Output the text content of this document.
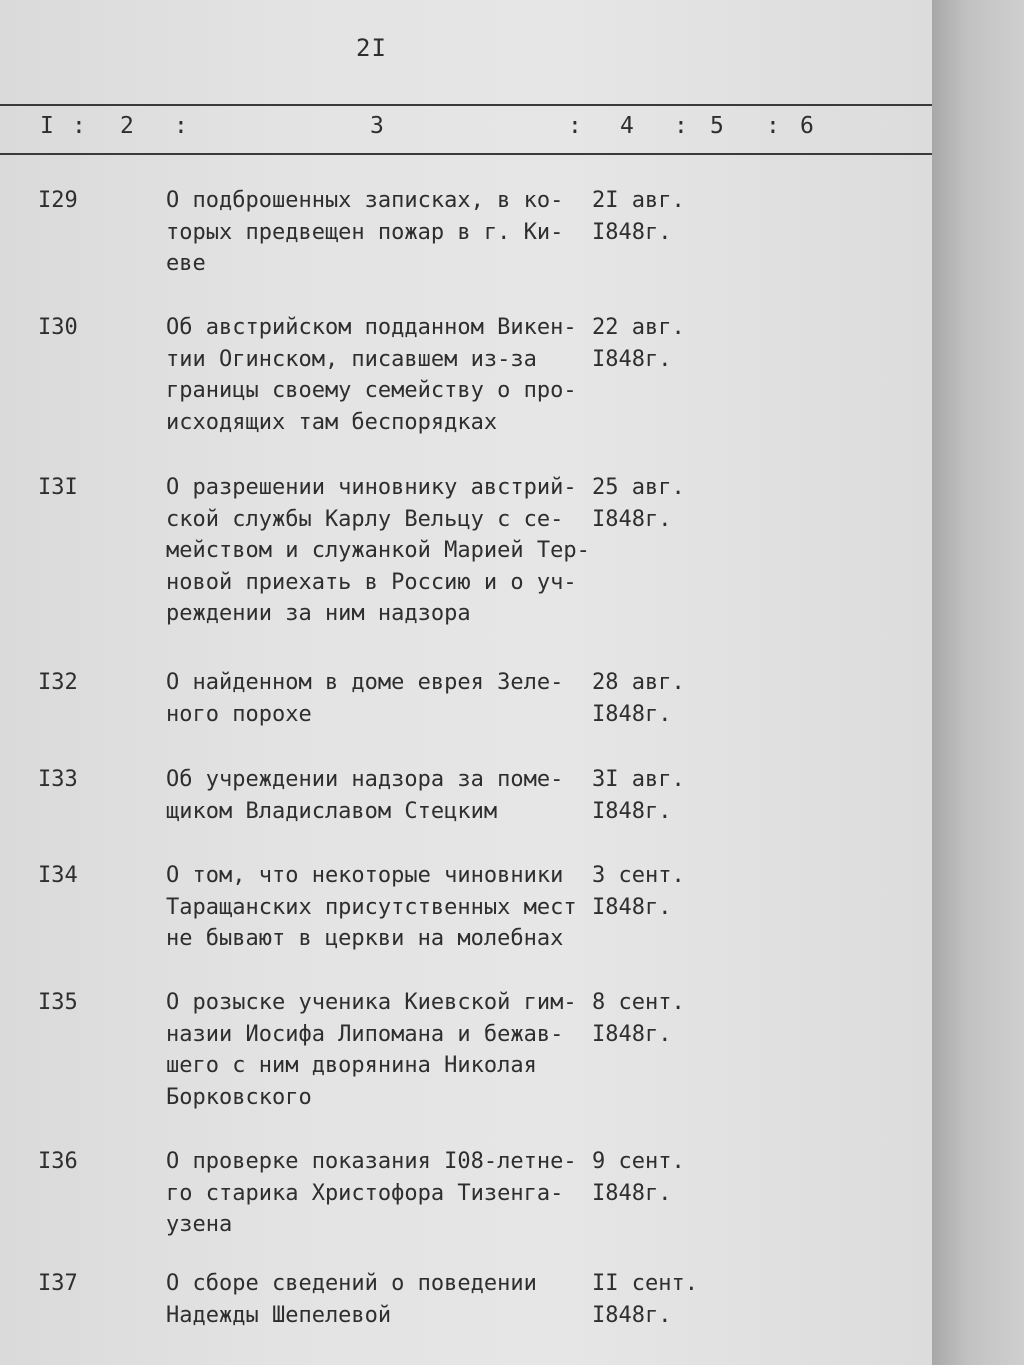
2I
I : 2 :	3	: 4 : 5 : 6
I29	О подброшенных записках, в ко-
торых предвещен пожар в г. Ки-
еве
2I авг.
I848г.
I30	Об австрийском подданном Викен-
тии Огинском, писавшем из-за
границы своему семейству о про-
исходящих там беспорядках
22 авг.
I848г.
I3I	О разрешении чиновнику австрий-
ской службы Карлу Вельцу с се-
мейством и служанкой Марией Тер-
новой приехать в Россию и о уч-
реждении за ним надзора
25 авг.
I848г.
I32	О найденном в доме еврея Зеле-
ного порохе
28 авг.
I848г.
I33	Об учреждении надзора за поме-
щиком Владиславом Стецким
3I авг.
I848г.
I34	О том, что некоторые чиновники
Таращанских присутственных мест
не бывают в церкви на молебнах
3 сент.
I848г.
I35	О розыске ученика Киевской гим-
назии Иосифа Липомана и бежав-
шего с ним дворянина Николая
Борковского
8 сент.
I848г.
I36	О проверке показания I08-летне-
го старика Христофора Тизенга-
узена
9 сент.
I848г.
I37	О сборе сведений о поведении
Надежды Шепелевой
II сент.
I848г.
